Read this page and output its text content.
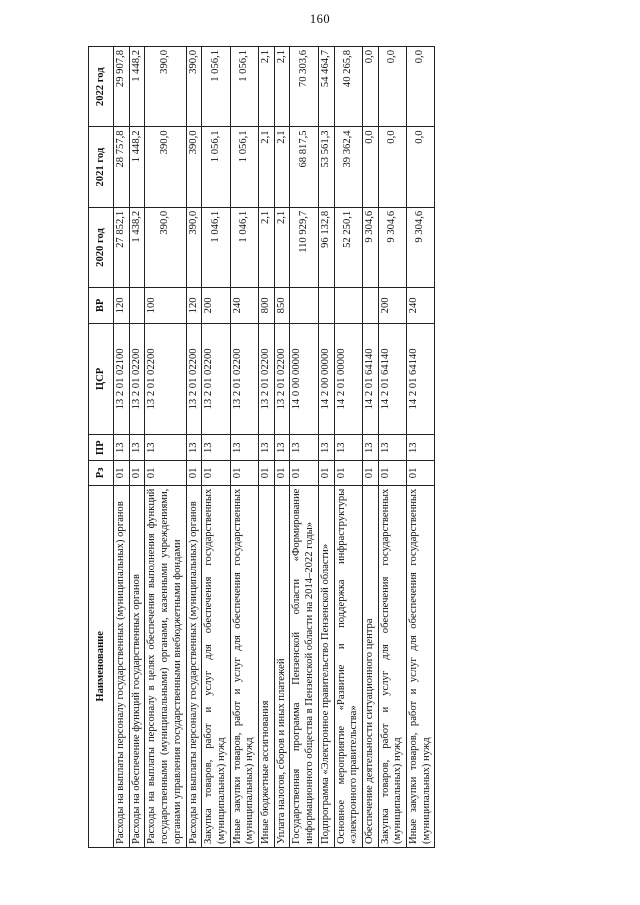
160
Наименование	Рз	ПР	ЦСР	ВР	2020 год	2021 год	2022 год
Расходы на выплаты персоналу государственных (муниципальных) органов	01	13	13 2 01 02100	120	27 852,1	28 757,8	29 907,8
Расходы на обеспечение функций государственных органов	01	13	13 2 01 02200		1 438,2	1 448,2	1 448,2
Расходы на выплаты персоналу в целях обеспечения выполнения функций государственными (муниципальными) органами, казенными учреждениями, органами управления государственными внебюджетными фондами	01	13	13 2 01 02200	100	390,0	390,0	390,0
Расходы на выплаты персоналу государственных (муниципальных) органов	01	13	13 2 01 02200	120	390,0	390,0	390,0
Закупка товаров, работ и услуг для обеспечения государственных (муниципальных) нужд	01	13	13 2 01 02200	200	1 046,1	1 056,1	1 056,1
Иные закупки товаров, работ и услуг для обеспечения государственных (муниципальных) нужд	01	13	13 2 01 02200	240	1 046,1	1 056,1	1 056,1
Иные бюджетные ассигнования	01	13	13 2 01 02200	800	2,1	2,1	2,1
Уплата налогов, сборов и иных платежей	01	13	13 2 01 02200	850	2,1	2,1	2,1
Государственная программа Пензенской области «Формирование информационного общества в Пензенской области на 2014–2022 годы»	01	13	14 0 00 00000		110 929,7	68 817,5	70 303,6
Подпрограмма «Электронное правительство Пензенской области»	01	13	14 2 00 00000		96 132,8	53 561,3	54 464,7
Основное мероприятие «Развитие и поддержка инфраструктуры «электронного правительства»	01	13	14 2 01 00000		52 250,1	39 362,4	40 265,8
Обеспечение деятельности ситуационного центра	01	13	14 2 01 64140		9 304,6	0,0	0,0
Закупка товаров, работ и услуг для обеспечения государственных (муниципальных) нужд	01	13	14 2 01 64140	200	9 304,6	0,0	0,0
Иные закупки товаров, работ и услуг для обеспечения государственных (муниципальных) нужд	01	13	14 2 01 64140	240	9 304,6	0,0	0,0
